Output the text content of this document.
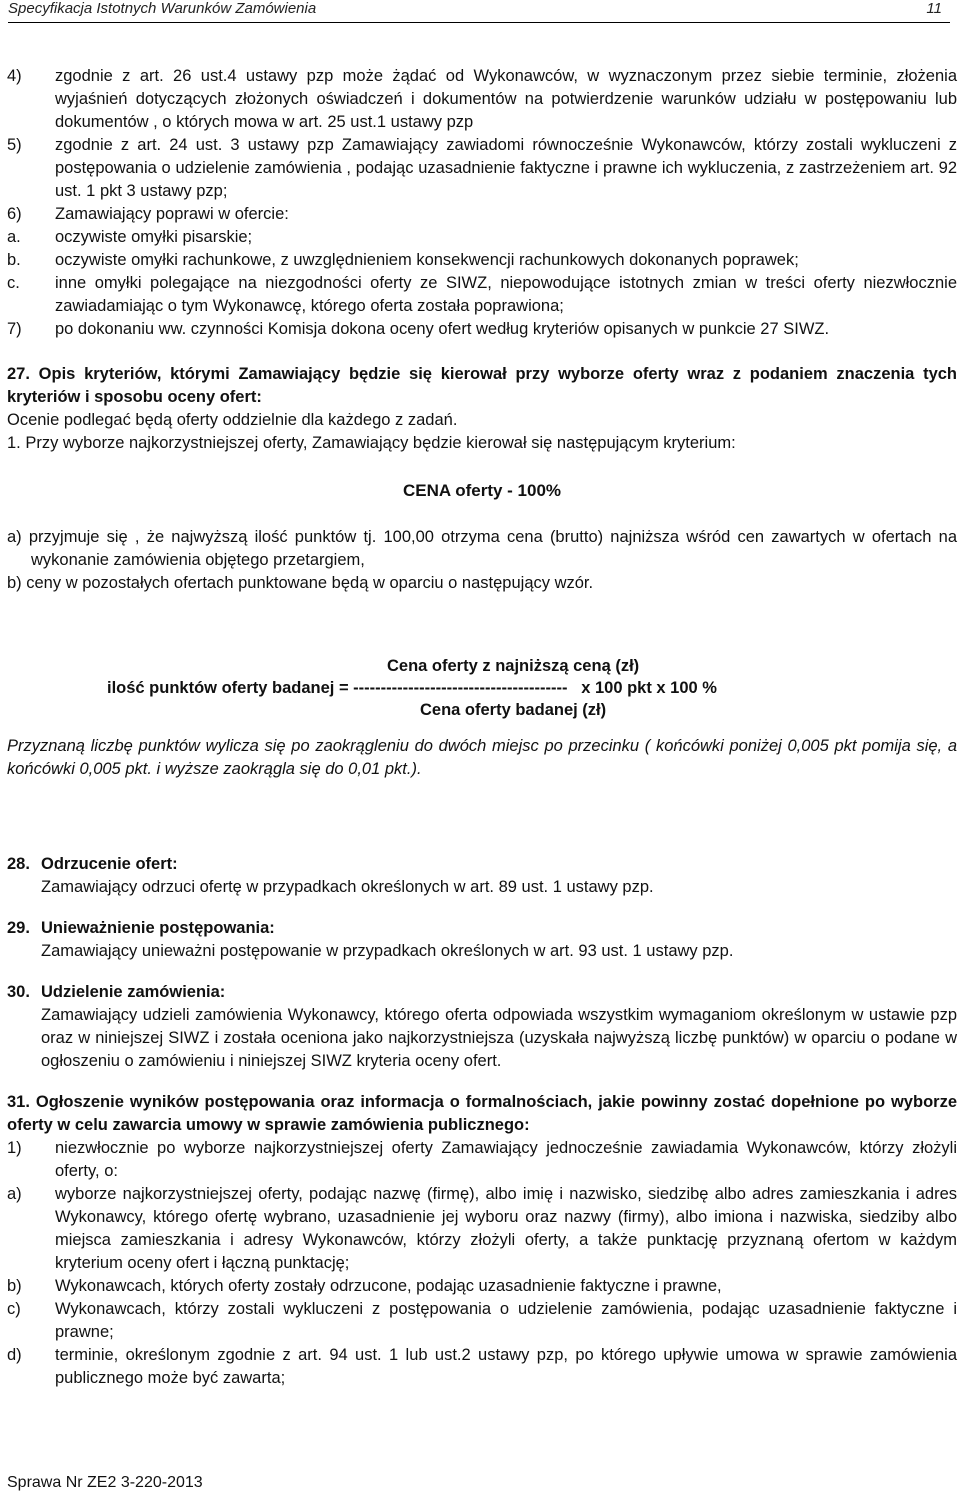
Specyfikacja Istotnych Warunków Zamówienia	11
4)	zgodnie z art. 26 ust.4 ustawy pzp może żądać od Wykonawców, w wyznaczonym przez siebie terminie, złożenia wyjaśnień dotyczących złożonych oświadczeń i dokumentów na potwierdzenie warunków udziału w postępowaniu lub dokumentów , o których mowa w art. 25 ust.1 ustawy pzp
5)	zgodnie z art. 24 ust. 3 ustawy pzp Zamawiający zawiadomi równocześnie Wykonawców, którzy zostali wykluczeni z postępowania o udzielenie zamówienia , podając uzasadnienie faktyczne i prawne ich wykluczenia, z zastrzeżeniem art. 92 ust. 1 pkt 3 ustawy pzp;
6)	Zamawiający poprawi w ofercie:
a.	oczywiste omyłki pisarskie;
b.	oczywiste omyłki rachunkowe, z uwzględnieniem konsekwencji rachunkowych dokonanych poprawek;
c.	inne omyłki polegające na niezgodności oferty ze SIWZ, niepowodujące istotnych zmian w treści oferty niezwłocznie zawiadamiając o tym Wykonawcę, którego oferta została poprawiona;
7)	po dokonaniu ww. czynności Komisja dokona oceny ofert według kryteriów opisanych w punkcie 27 SIWZ.
27. Opis kryteriów, którymi Zamawiający będzie się kierował przy wyborze oferty wraz z podaniem znaczenia tych kryteriów i sposobu oceny ofert:
Ocenie podlegać będą oferty oddzielnie dla każdego z zadań.
1. Przy wyborze najkorzystniejszej oferty, Zamawiający będzie kierował się następującym kryterium:
CENA oferty - 100%
a) przyjmuje się , że najwyższą ilość punktów tj. 100,00 otrzyma cena (brutto) najniższa wśród cen zawartych w ofertach na wykonanie zamówienia objętego przetargiem,
b) ceny w pozostałych ofertach punktowane będą w oparciu o następujący wzór.
Cena oferty z najniższą ceną (zł)
ilość punktów oferty badanej = ---------------------------------------   x 100 pkt x 100 %
Cena oferty badanej (zł)
Przyznaną liczbę punktów wylicza się po zaokrągleniu do dwóch miejsc po przecinku ( końcówki poniżej 0,005 pkt pomija się, a końcówki 0,005 pkt. i wyższe zaokrągla się do 0,01 pkt.).
28. Odrzucenie ofert:
Zamawiający odrzuci ofertę w przypadkach określonych w art. 89 ust. 1 ustawy pzp.
29. Unieważnienie postępowania:
Zamawiający unieważni postępowanie w przypadkach określonych w art. 93 ust. 1 ustawy pzp.
30. Udzielenie zamówienia:
Zamawiający udzieli zamówienia Wykonawcy, którego oferta odpowiada wszystkim wymaganiom określonym w ustawie pzp oraz w niniejszej SIWZ i została oceniona jako najkorzystniejsza (uzyskała najwyższą liczbę punktów) w oparciu o podane w ogłoszeniu o zamówieniu i niniejszej SIWZ kryteria oceny ofert.
31. Ogłoszenie wyników postępowania oraz informacja o formalnościach, jakie powinny zostać dopełnione po wyborze oferty w celu zawarcia umowy w sprawie zamówienia publicznego:
1)	niezwłocznie po wyborze najkorzystniejszej oferty Zamawiający jednocześnie zawiadamia Wykonawców, którzy złożyli oferty, o:
a)	wyborze najkorzystniejszej oferty, podając nazwę (firmę), albo imię i nazwisko, siedzibę albo adres zamieszkania i adres Wykonawcy, którego ofertę wybrano, uzasadnienie jej wyboru oraz nazwy (firmy), albo imiona i nazwiska, siedziby albo miejsca zamieszkania i adresy Wykonawców, którzy złożyli oferty, a także punktację przyznaną ofertom w każdym kryterium oceny ofert i łączną punktację;
b)	Wykonawcach, których oferty zostały odrzucone, podając uzasadnienie faktyczne i prawne,
c)	Wykonawcach, którzy zostali wykluczeni z postępowania o udzielenie zamówienia, podając uzasadnienie faktyczne i prawne;
d)	terminie, określonym zgodnie z art. 94 ust. 1 lub ust.2 ustawy pzp, po którego upływie umowa w sprawie zamówienia publicznego może być zawarta;
Sprawa Nr ZE2 3-220-2013
